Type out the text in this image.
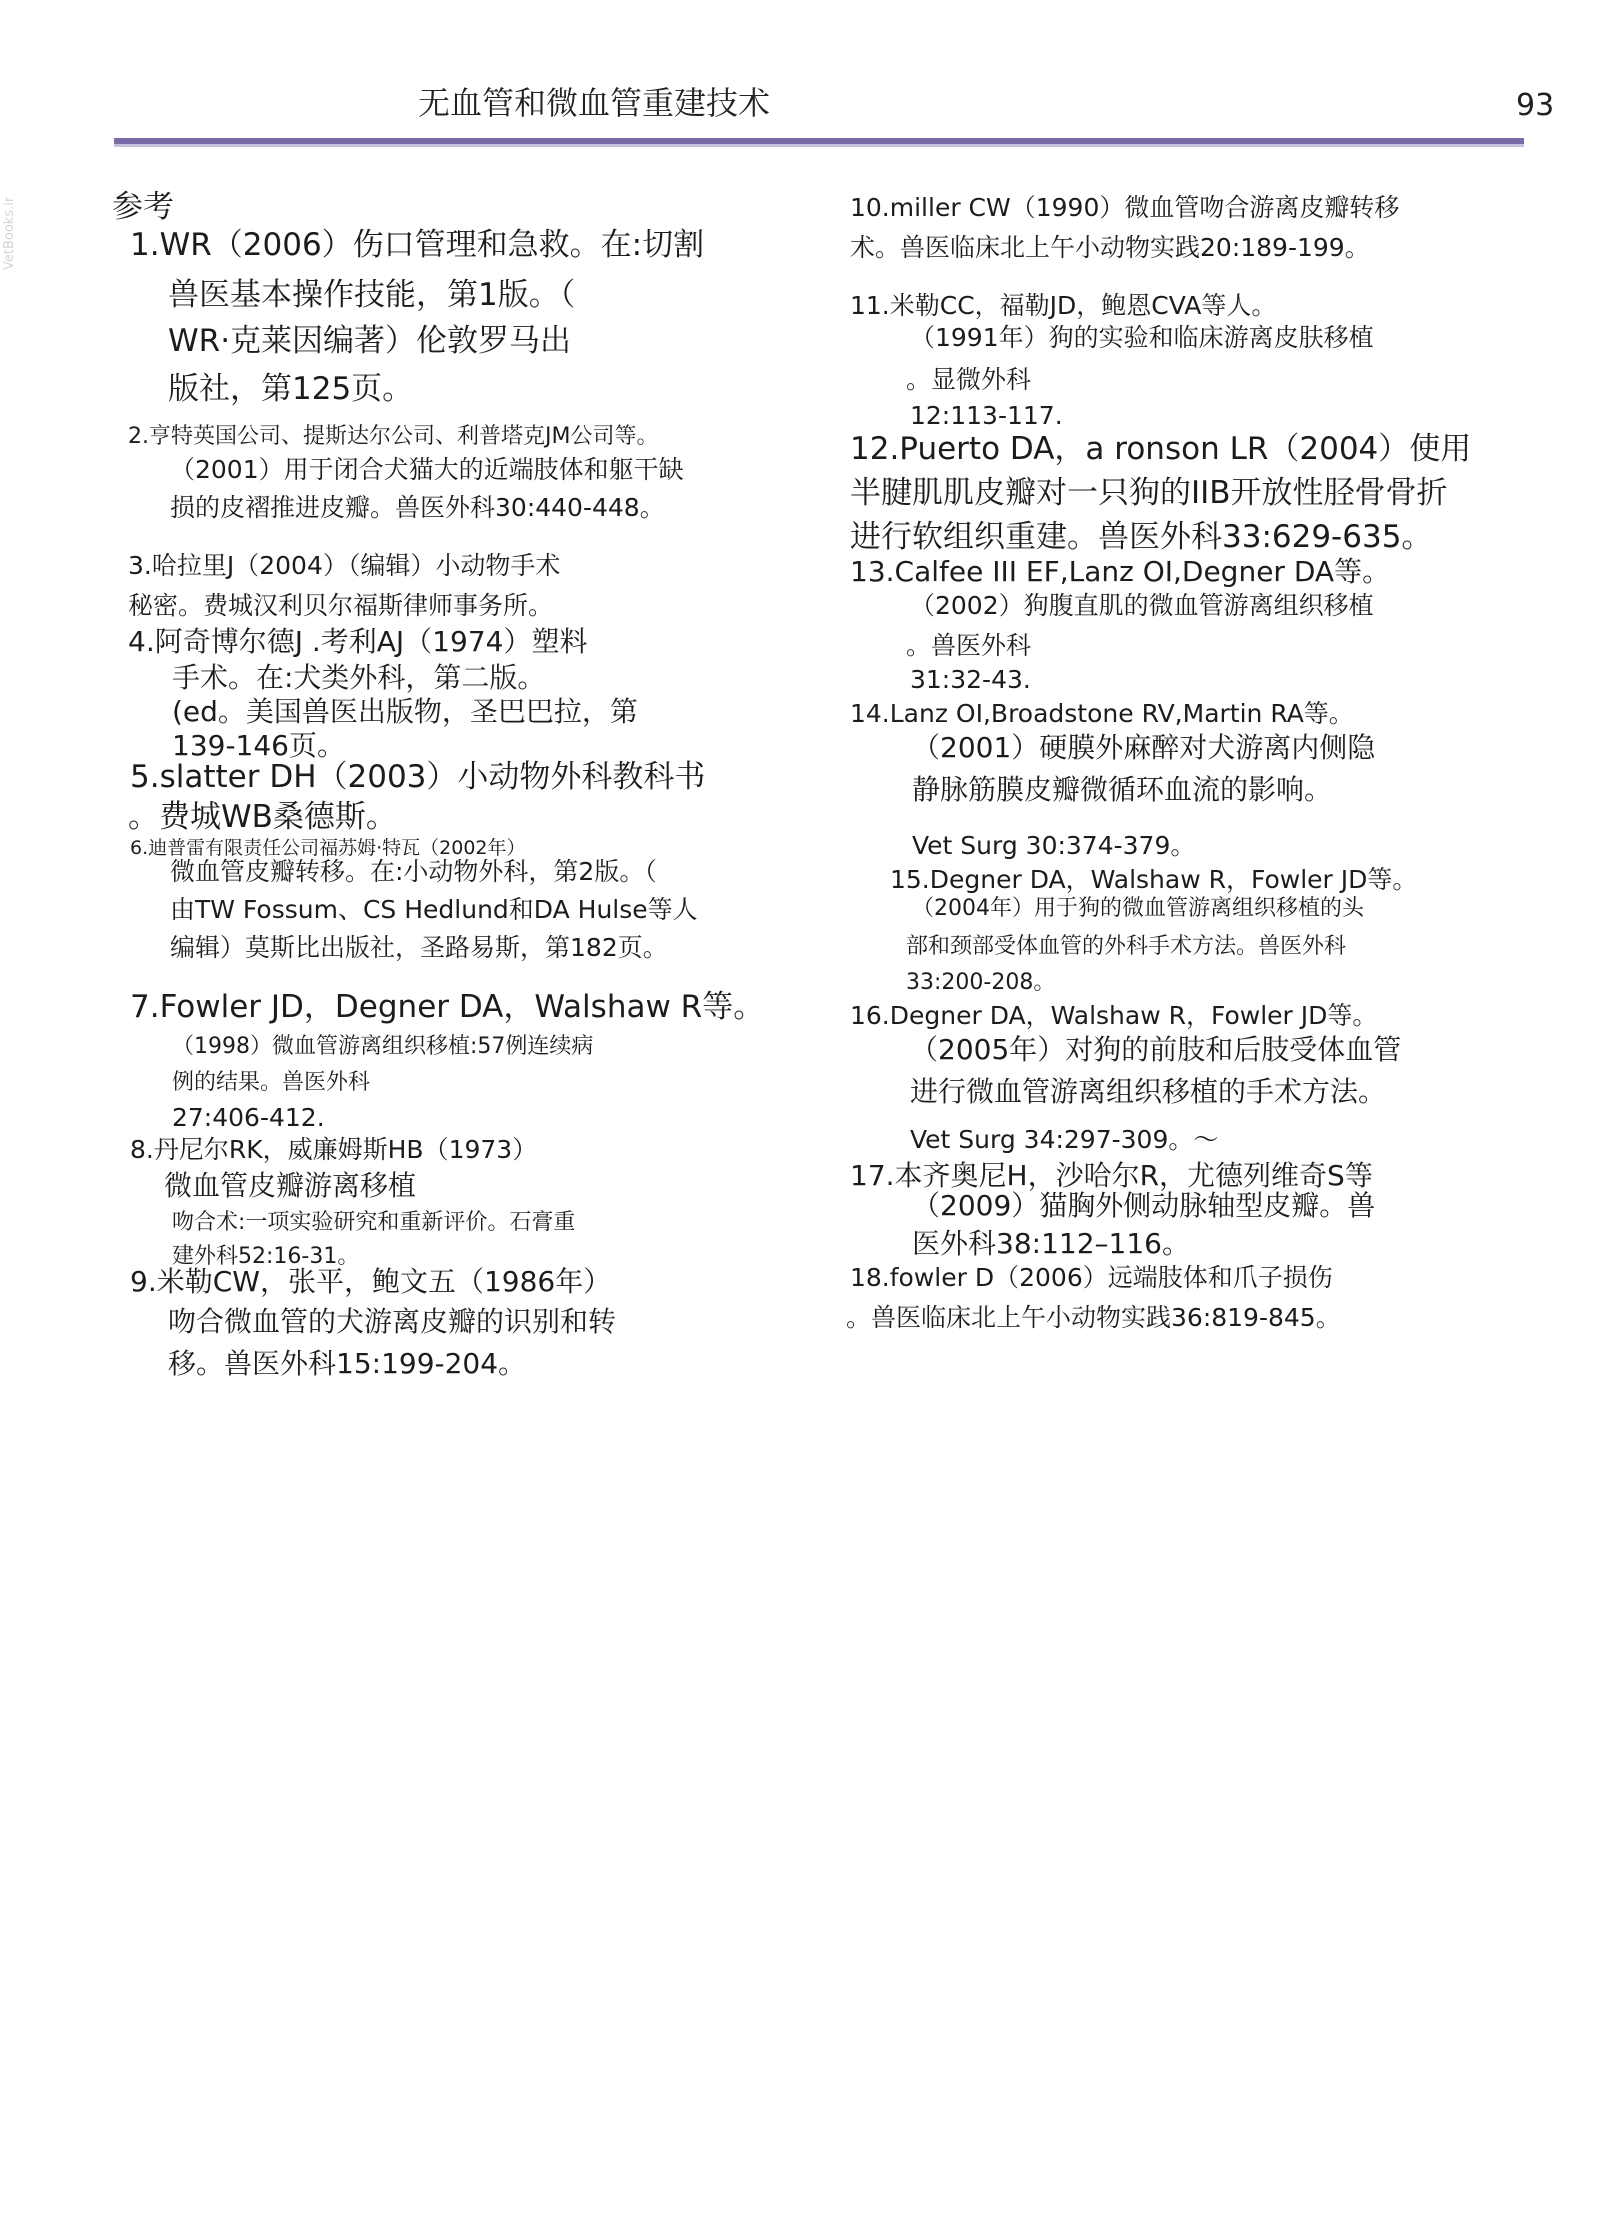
无血管和微血管重建技术	93
VetBooks.ir	参考
1.WR（2006）伤口管理和急救。在:切割
兽医基本操作技能，第1版。（
WR·克莱因编著）伦敦罗马出
版社，第125页。
2.亨特英国公司、提斯达尔公司、利普塔克JM公司等。
（2001）用于闭合犬猫大的近端肢体和躯干缺
损的皮褶推进皮瓣。兽医外科30:440-448。
3.哈拉里J（2004）（编辑）小动物手术
秘密。费城汉利贝尔福斯律师事务所。
4.阿奇博尔德J .考利AJ（1974）塑料
手术。在:犬类外科，第二版。
(ed。美国兽医出版物，圣巴巴拉，第
139-146页。
5.slatter DH（2003）小动物外科教科书
。费城WB桑德斯。
6.迪普雷有限责任公司福苏姆·特瓦（2002年）
微血管皮瓣转移。在:小动物外科，第2版。（
由TW Fossum、CS Hedlund和DA Hulse等人
编辑）莫斯比出版社，圣路易斯，第182页。
7.Fowler JD，Degner DA，Walshaw R等。
（1998）微血管游离组织移植:57例连续病
例的结果。兽医外科
27:406-412.
8.丹尼尔RK，威廉姆斯HB（1973）
微血管皮瓣游离移植
吻合术:一项实验研究和重新评价。石膏重
建外科52:16-31。
9.米勒CW，张平，鲍文五（1986年）
吻合微血管的犬游离皮瓣的识别和转
移。兽医外科15:199-204。
10.miller CW（1990）微血管吻合游离皮瓣转移
术。兽医临床北上午小动物实践20:189-199。
11.米勒CC，福勒JD，鲍恩CVA等人。
（1991年）狗的实验和临床游离皮肤移植
。显微外科
12:113-117.
12.Puerto DA，a ronson LR（2004）使用
半腱肌肌皮瓣对一只狗的IIB开放性胫骨骨折
进行软组织重建。兽医外科33:629-635。
13.Calfee III EF,Lanz OI,Degner DA等。
（2002）狗腹直肌的微血管游离组织移植
。兽医外科
31:32-43.
14.Lanz OI,Broadstone RV,Martin RA等。
（2001）硬膜外麻醉对犬游离内侧隐
静脉筋膜皮瓣微循环血流的影响。
Vet Surg 30:374-379。
15.Degner DA，Walshaw R，Fowler JD等。
（2004年）用于狗的微血管游离组织移植的头
部和颈部受体血管的外科手术方法。兽医外科
33:200-208。
16.Degner DA，Walshaw R，Fowler JD等。
（2005年）对狗的前肢和后肢受体血管
进行微血管游离组织移植的手术方法。
Vet Surg 34:297-309。～
17.本齐奥尼H，沙哈尔R，尤德列维奇S等
（2009）猫胸外侧动脉轴型皮瓣。兽
医外科38:112–116。
18.fowler D（2006）远端肢体和爪子损伤
。兽医临床北上午小动物实践36:819-845。
